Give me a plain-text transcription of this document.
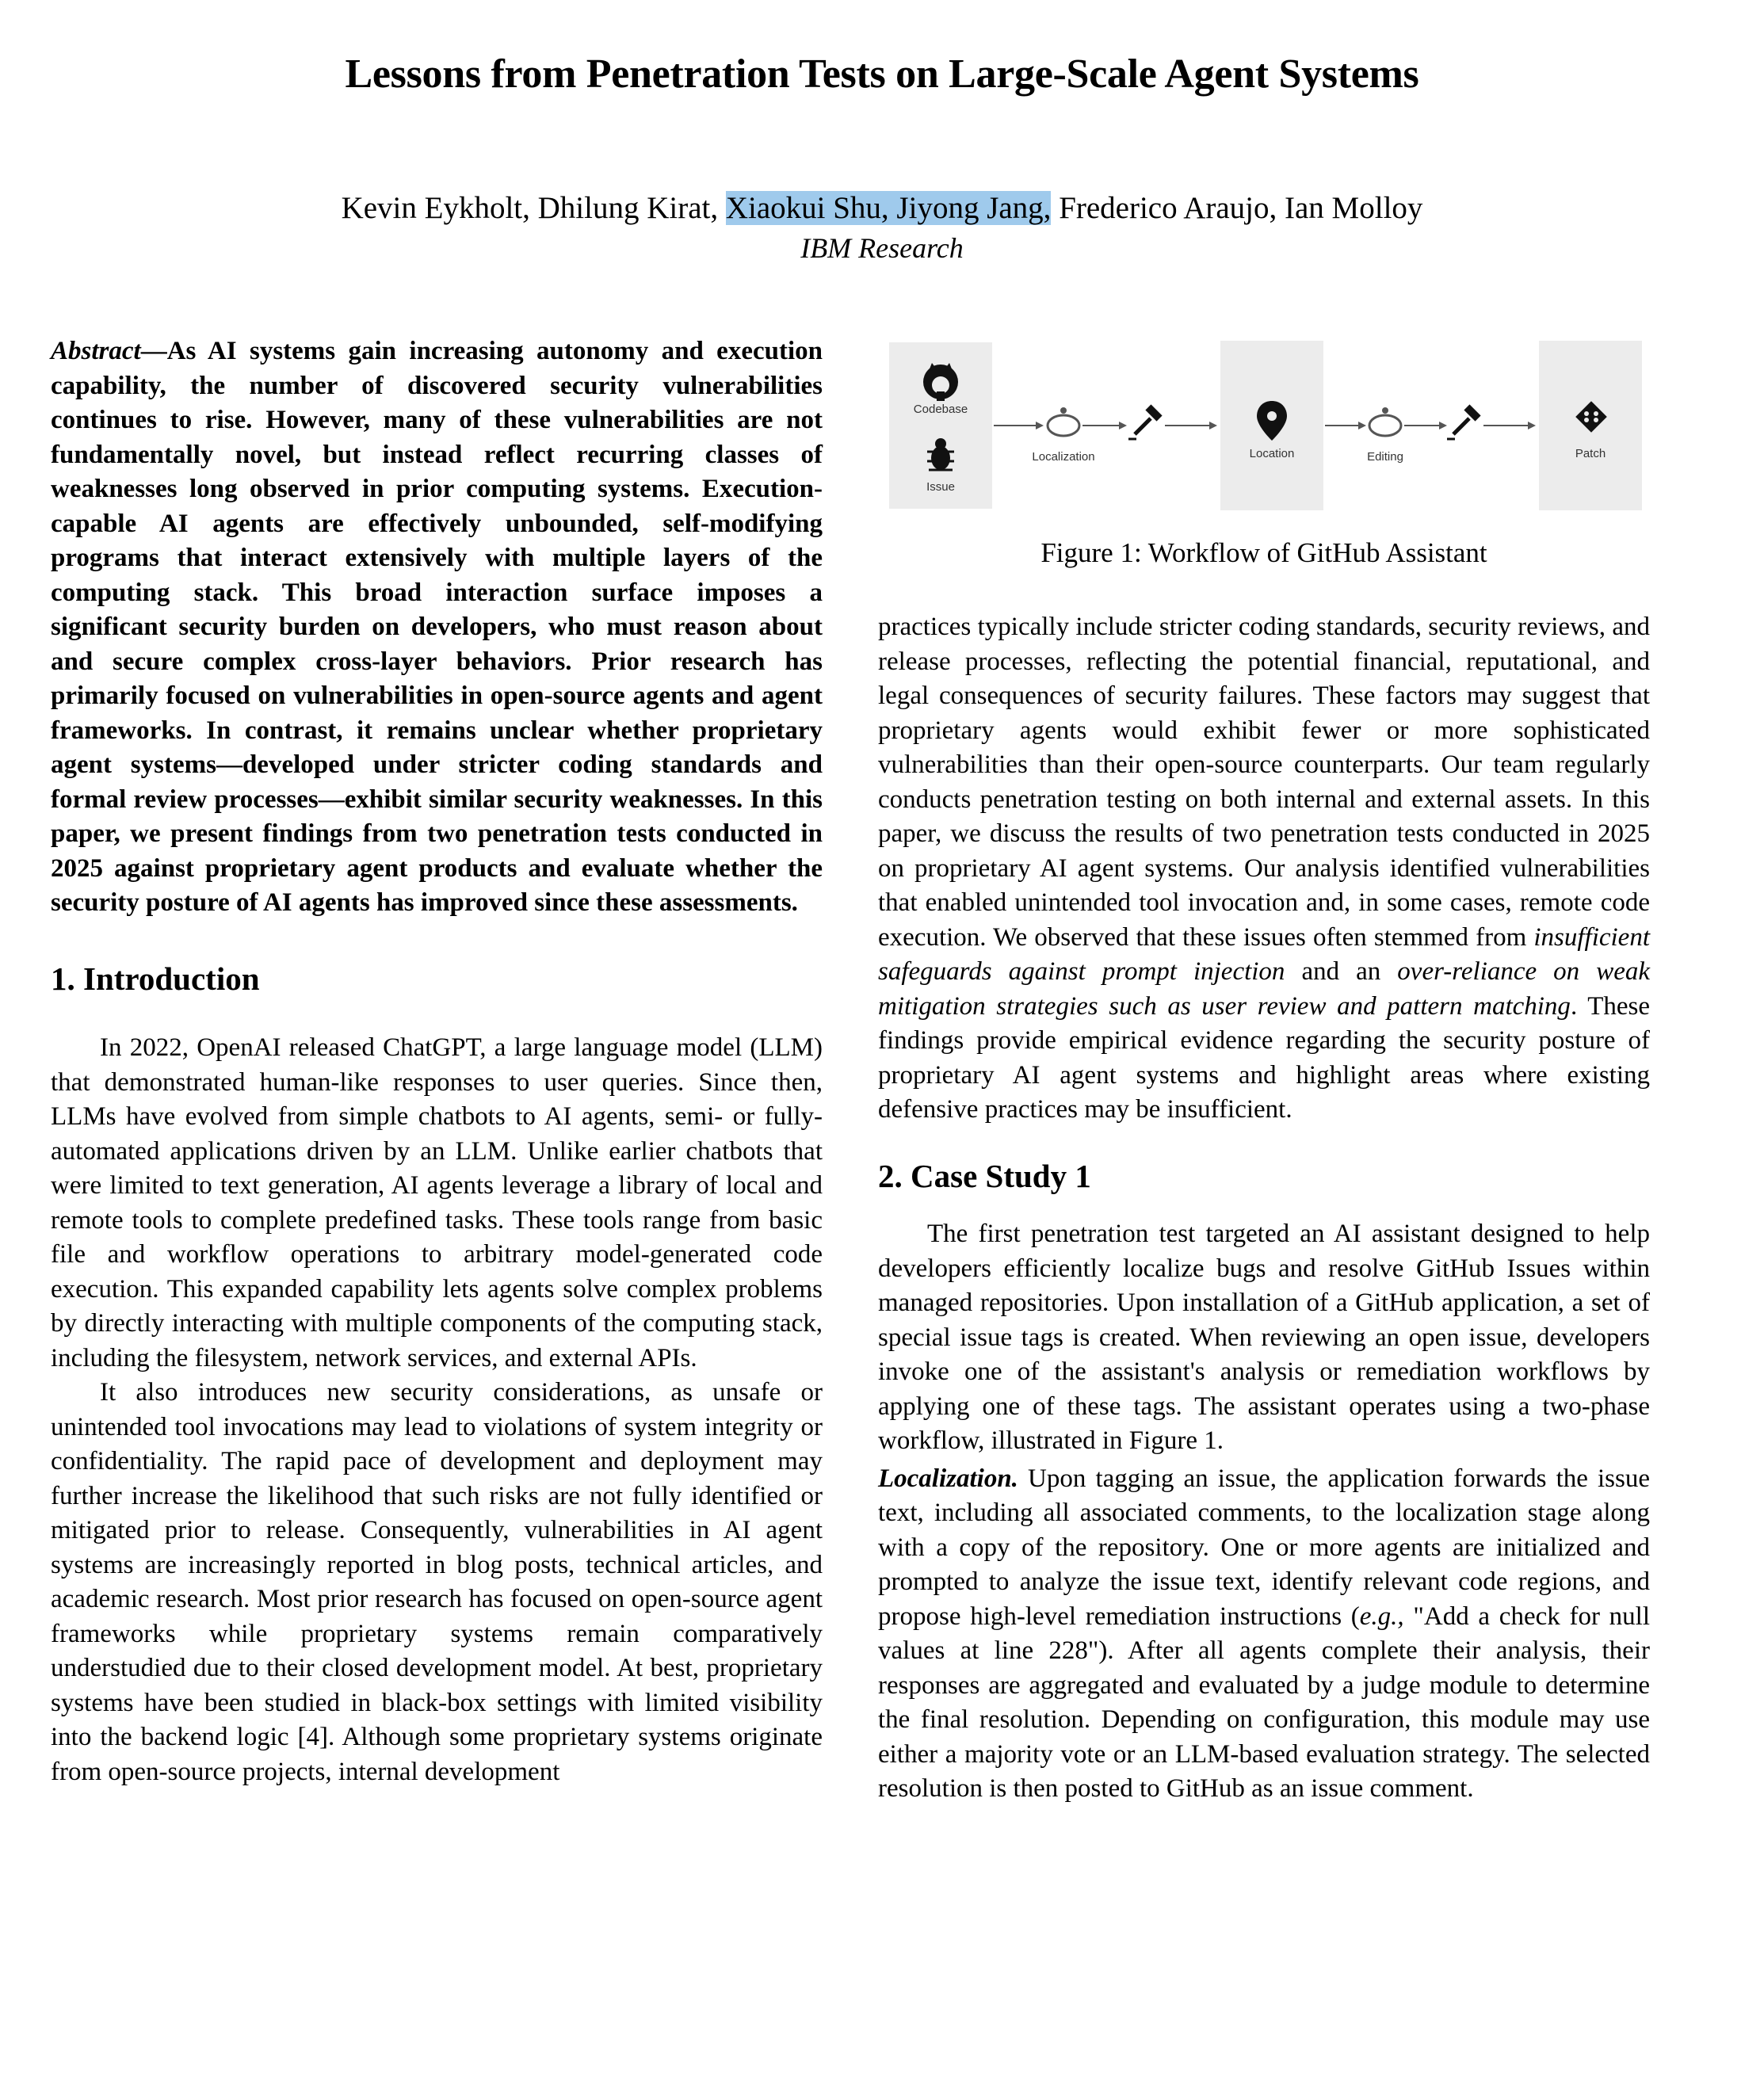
Lessons from Penetration Tests on Large-Scale Agent Systems
Kevin Eykholt, Dhilung Kirat, Xiaokui Shu, Jiyong Jang, Frederico Araujo, Ian Molloy
IBM Research
Codebase
Issue
Localization	Location	Editing	Patch
Figure 1: Workflow of GitHub Assistant

Abstract—As AI systems gain increasing autonomy and execution capability, the number of discovered security vulnerabilities continues to rise. However, many of these vulnerabilities are not fundamentally novel, but instead reflect recurring classes of weaknesses long observed in prior computing systems. Execution-capable AI agents are effectively unbounded, self-modifying programs that interact extensively with multiple layers of the computing stack. This broad interaction surface imposes a significant security burden on developers, who must reason about and secure complex cross-layer behaviors. Prior research has primarily focused on vulnerabilities in open-source agents and agent frameworks. In contrast, it remains unclear whether proprietary agent systems—developed under stricter coding standards and formal review processes—exhibit similar security weaknesses. In this paper, we present findings from two penetration tests conducted in 2025 against proprietary agent products and evaluate whether the security posture of AI agents has improved since these assessments.

1. Introduction

In 2022, OpenAI released ChatGPT, a large language model (LLM) that demonstrated human-like responses to user queries. Since then, LLMs have evolved from simple chatbots to AI agents, semi- or fully-automated applications driven by an LLM. Unlike earlier chatbots that were limited to text generation, AI agents leverage a library of local and remote tools to complete predefined tasks. These tools range from basic file and workflow operations to arbitrary model-generated code execution. This expanded capability lets agents solve complex problems by directly interacting with multiple components of the computing stack, including the filesystem, network services, and external APIs.

It also introduces new security considerations, as unsafe or unintended tool invocations may lead to violations of system integrity or confidentiality. The rapid pace of development and deployment may further increase the likelihood that such risks are not fully identified or mitigated prior to release. Consequently, vulnerabilities in AI agent systems are increasingly reported in blog posts, technical articles, and academic research. Most prior research has focused on open-source agent frameworks while proprietary systems remain comparatively understudied due to their closed development model. At best, proprietary systems have been studied in black-box settings with limited visibility into the backend logic [4]. Although some proprietary systems originate from open-source projects, internal development

practices typically include stricter coding standards, security reviews, and release processes, reflecting the potential financial, reputational, and legal consequences of security failures. These factors may suggest that proprietary agents would exhibit fewer or more sophisticated vulnerabilities than their open-source counterparts. Our team regularly conducts penetration testing on both internal and external assets. In this paper, we discuss the results of two penetration tests conducted in 2025 on proprietary AI agent systems. Our analysis identified vulnerabilities that enabled unintended tool invocation and, in some cases, remote code execution. We observed that these issues often stemmed from insufficient safeguards against prompt injection and an over-reliance on weak mitigation strategies such as user review and pattern matching. These findings provide empirical evidence regarding the security posture of proprietary AI agent systems and highlight areas where existing defensive practices may be insufficient.

2. Case Study 1

The first penetration test targeted an AI assistant designed to help developers efficiently localize bugs and resolve GitHub Issues within managed repositories. Upon installation of a GitHub application, a set of special issue tags is created. When reviewing an open issue, developers invoke one of the assistant's analysis or remediation workflows by applying one of these tags. The assistant operates using a two-phase workflow, illustrated in Figure 1.

Localization. Upon tagging an issue, the application forwards the issue text, including all associated comments, to the localization stage along with a copy of the repository. One or more agents are initialized and prompted to analyze the issue text, identify relevant code regions, and propose high-level remediation instructions (e.g., "Add a check for null values at line 228"). After all agents complete their analysis, their responses are aggregated and evaluated by a judge module to determine the final resolution. Depending on configuration, this module may use either a majority vote or an LLM-based evaluation strategy. The selected resolution is then posted to GitHub as an issue comment.
